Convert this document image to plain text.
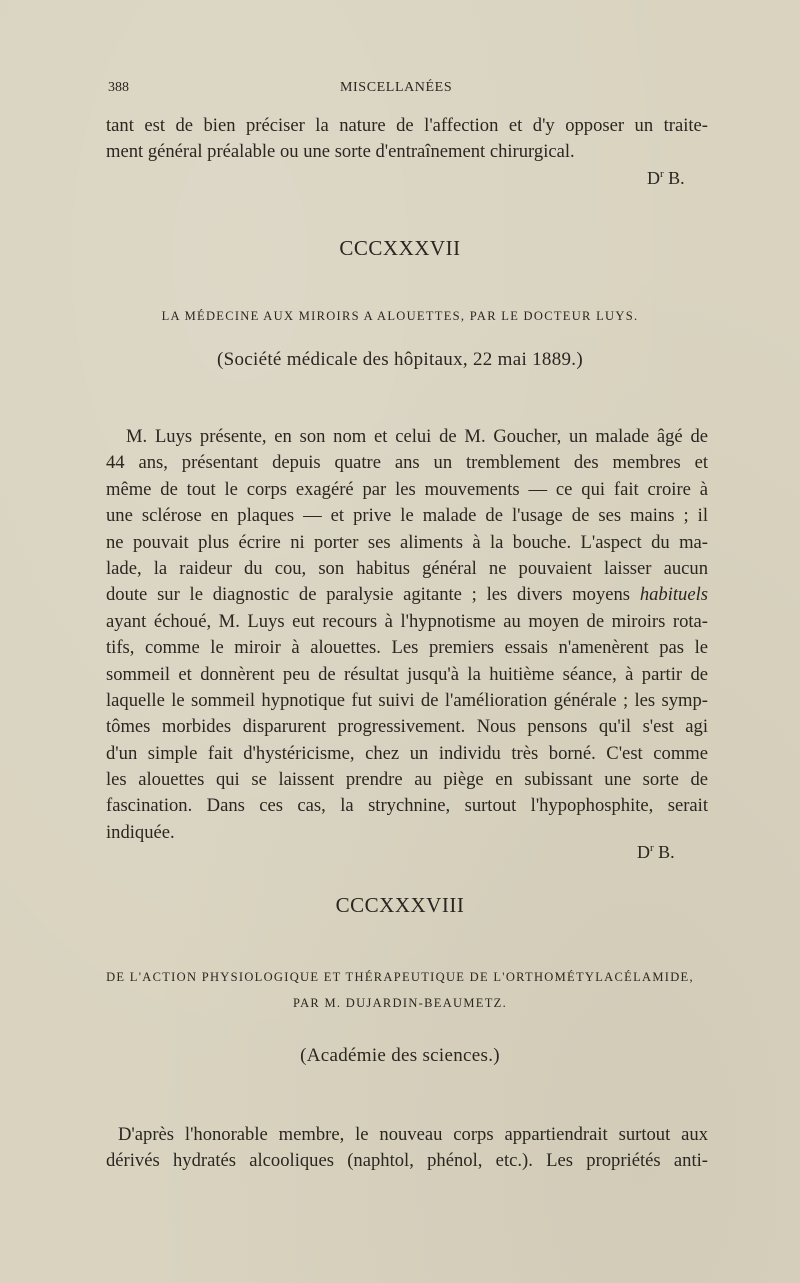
388	MISCELLANÉES
tant est de bien préciser la nature de l'affection et d'y opposer un traite-
ment général préalable ou une sorte d'entraînement chirurgical.
$D^r$ B.
CCCXXXVII
LA MÉDECINE AUX MIROIRS A ALOUETTES, PAR LE DOCTEUR LUYS.
(Société médicale des hôpitaux, 22 mai 1889.)
M. Luys présente, en son nom et celui de M. Goucher, un malade âgé de
44 ans, présentant depuis quatre ans un tremblement des membres et
même de tout le corps exagéré par les mouvements — ce qui fait croire à
une sclérose en plaques — et prive le malade de l'usage de ses mains ; il
ne pouvait plus écrire ni porter ses aliments à la bouche. L'aspect du ma-
lade, la raideur du cou, son habitus général ne pouvaient laisser aucun
doute sur le diagnostic de paralysie agitante ; les divers moyens habituels
ayant échoué, M. Luys eut recours à l'hypnotisme au moyen de miroirs rota-
tifs, comme le miroir à alouettes. Les premiers essais n'amenèrent pas le
sommeil et donnèrent peu de résultat jusqu'à la huitième séance, à partir de
laquelle le sommeil hypnotique fut suivi de l'amélioration générale ; les symp-
tômes morbides disparurent progressivement. Nous pensons qu'il s'est agi
d'un simple fait d'hystéricisme, chez un individu très borné. C'est comme
les alouettes qui se laissent prendre au piège en subissant une sorte de
fascination. Dans ces cas, la strychnine, surtout l'hypophosphite, serait
indiquée.
$D^r$ B.
CCCXXXVIII
DE L'ACTION PHYSIOLOGIQUE ET THÉRAPEUTIQUE DE L'ORTHOMÉTYLACÉLAMIDE,
PAR M. DUJARDIN-BEAUMETZ.
(Académie des sciences.)
D'après l'honorable membre, le nouveau corps appartiendrait surtout aux
dérivés hydratés alcooliques (naphtol, phénol, etc.). Les propriétés anti-
